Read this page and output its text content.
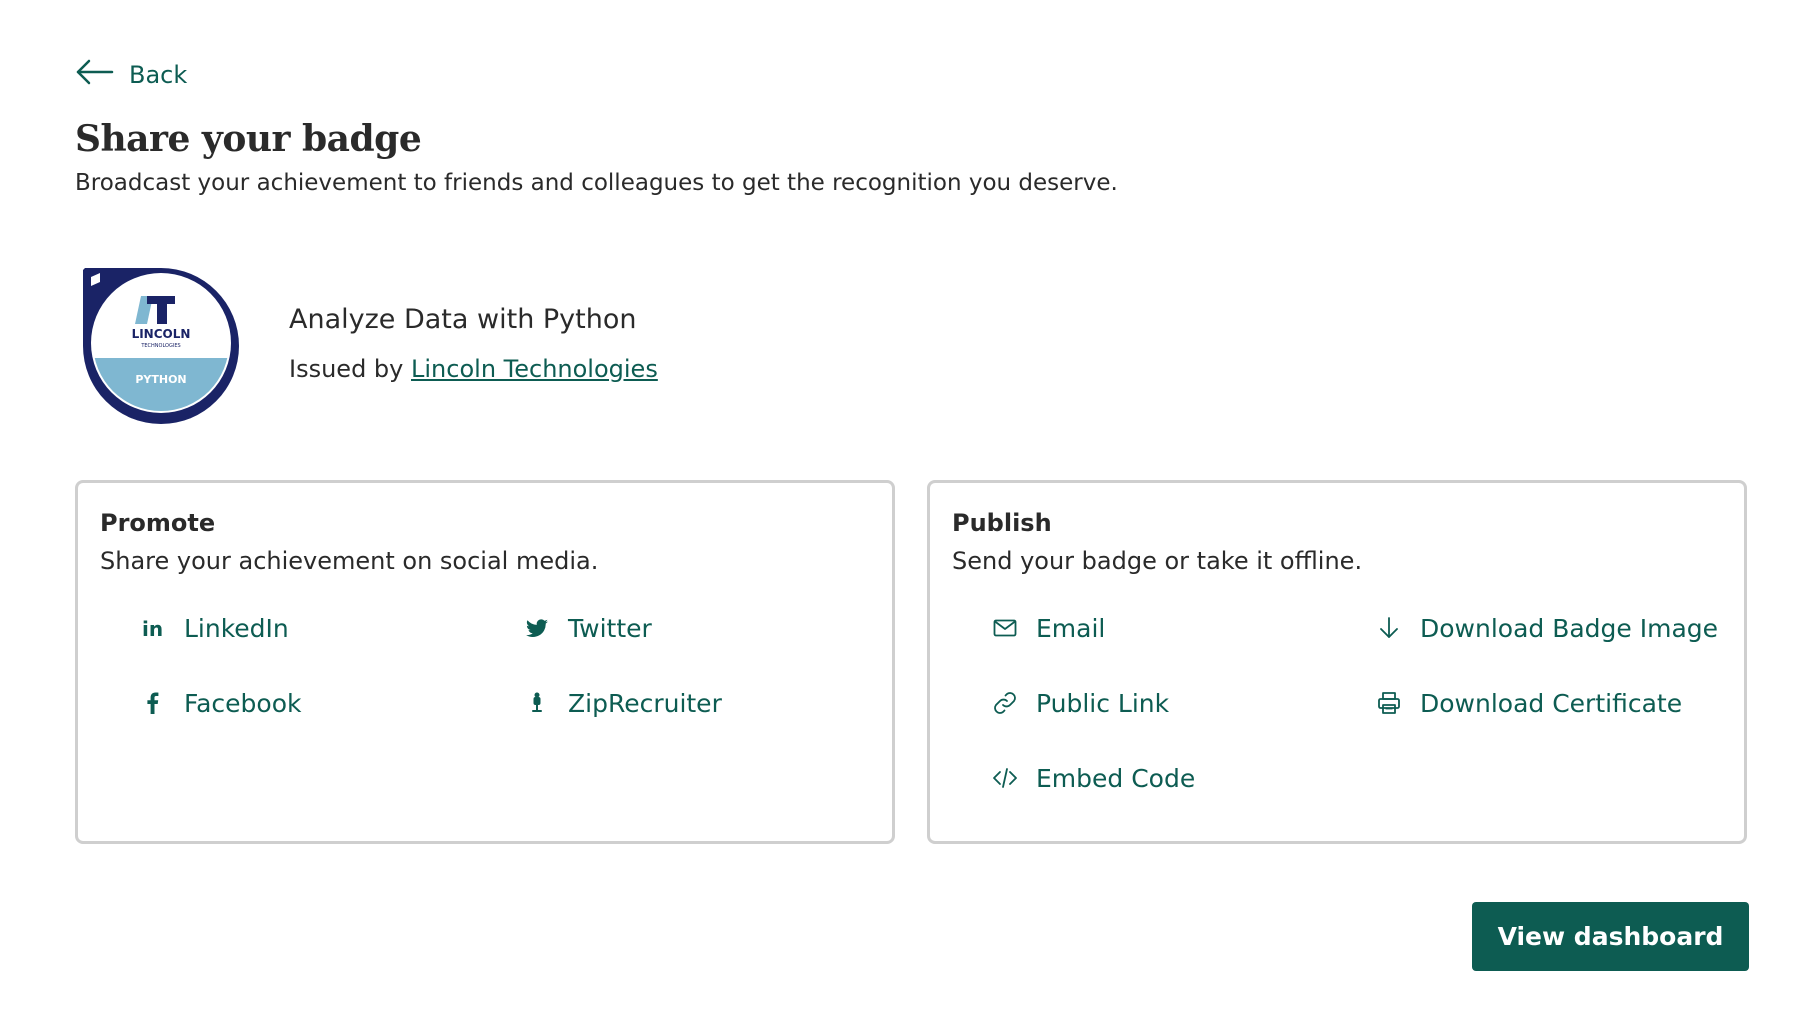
Back
Share your badge

Broadcast your achievement to friends and colleagues to get the recognition you deserve.

LINCOLN
TECHNOLOGIES
PYTHON

Analyze Data with Python

Issued by Lincoln Technologies

Promote

Share your achievement on social media.

in LinkedIn	Twitter
Facebook	ZipRecruiter
Publish

Send your badge or take it offline.

Email	Download Badge Image
Public Link	Download Certificate
Embed Code
View dashboard
